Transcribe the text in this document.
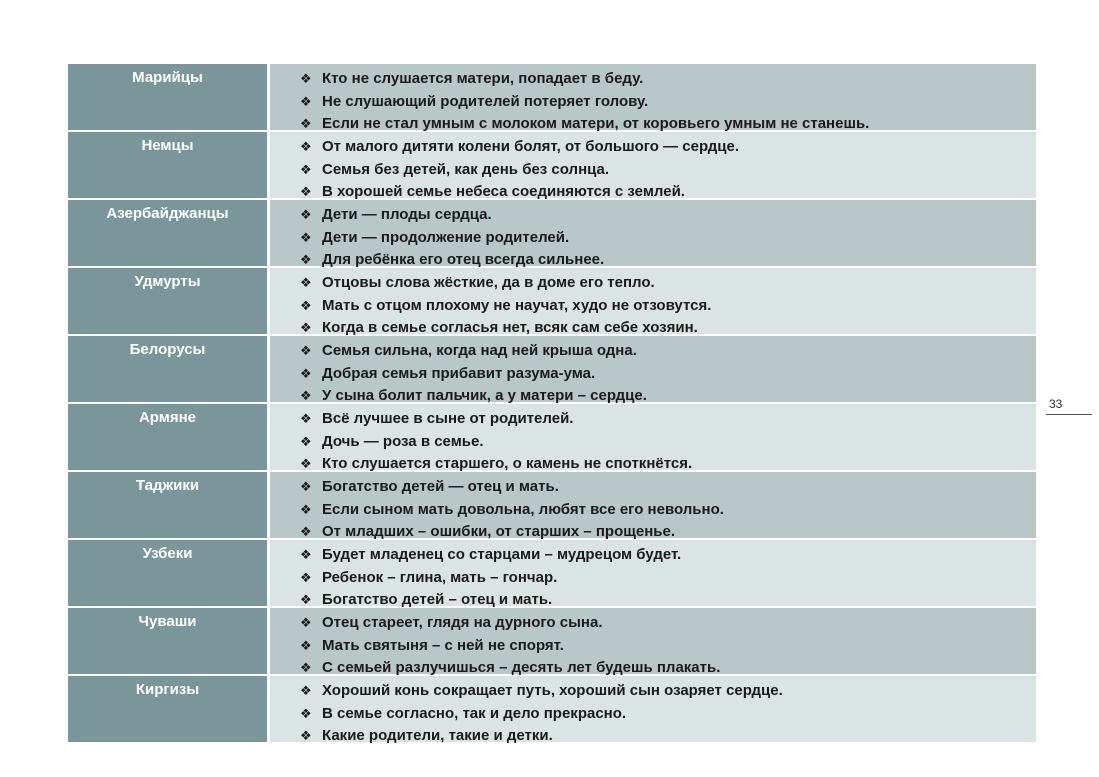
Марийцы	❖ Кто не слушается матери, попадает в беду.
❖ Не слушающий родителей потеряет голову.
❖ Если не стал умным с молоком матери, от коровьего умным не станешь.
Немцы	❖ От малого дитяти колени болят, от большого — сердце.
❖ Семья без детей, как день без солнца.
❖ В хорошей семье небеса соединяются с землей.
Азербайджанцы	❖ Дети — плоды сердца.
❖ Дети — продолжение родителей.
❖ Для ребёнка его отец всегда сильнее.
Удмурты	❖ Отцовы слова жёсткие, да в доме его тепло.
❖ Мать с отцом плохому не научат, худо не отзовутся.
❖ Когда в семье согласья нет, всяк сам себе хозяин.
Белорусы	❖ Семья сильна, когда над ней крыша одна.
❖ Добрая семья прибавит разума-ума.
❖ У сына болит пальчик, а у матери – сердце.
Армяне	❖ Всё лучшее в сыне от родителей.
❖ Дочь — роза в семье.
❖ Кто слушается старшего, о камень не споткнётся.
Таджики	❖ Богатство детей — отец и мать.
❖ Если сыном мать довольна, любят все его невольно.
❖ От младших – ошибки, от старших – прощенье.
Узбеки	❖ Будет младенец со старцами – мудрецом будет.
❖ Ребенок – глина, мать – гончар.
❖ Богатство детей – отец и мать.
Чуваши	❖ Отец стареет, глядя на дурного сына.
❖ Мать святыня – с ней не спорят.
❖ С семьей разлучишься – десять лет будешь плакать.
Киргизы	❖ Хороший конь сокращает путь, хороший сын озаряет сердце.
❖ В семье согласно, так и дело прекрасно.
❖ Какие родители, такие и детки.
33
